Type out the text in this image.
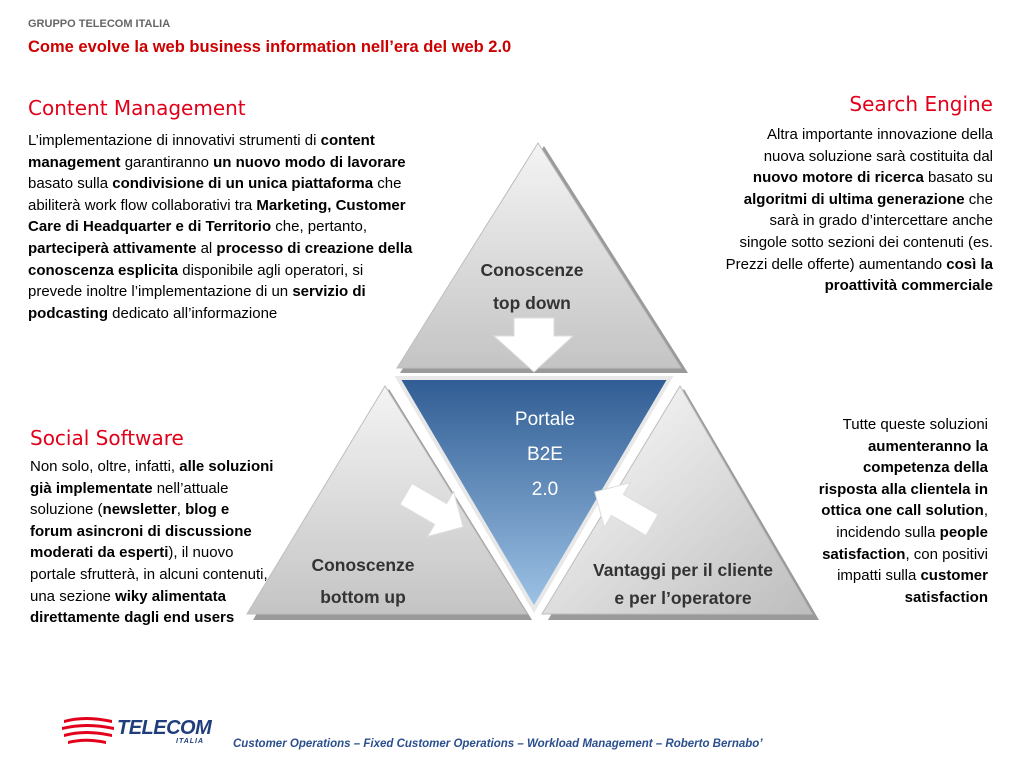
GRUPPO TELECOM ITALIA
Come evolve la web business information nell’era del web 2.0
Content Management
L’implementazione di innovativi strumenti di content management garantiranno un nuovo modo di lavorare basato sulla condivisione di un unica piattaforma che abiliterà work flow collaborativi tra Marketing, Customer Care di Headquarter e di Territorio che, pertanto, parteciperà attivamente al processo di creazione della conoscenza esplicita disponibile agli operatori, si prevede inoltre l’implementazione di un servizio di podcasting dedicato all’informazione
Search Engine
Altra importante innovazione della nuova soluzione sarà costituita dal nuovo motore di ricerca basato su algoritmi di ultima generazione che sarà in grado d’intercettare anche singole sotto sezioni dei contenuti (es. Prezzi delle offerte) aumentando così la proattività commerciale
Social Software
Non solo, oltre, infatti, alle soluzioni già implementate nell’attuale soluzione (newsletter, blog e forum asincroni di discussione moderati da esperti), il nuovo portale sfrutterà, in alcuni contenuti, una sezione wiky alimentata direttamente dagli end users
Tutte queste soluzioni aumenteranno la competenza della risposta alla clientela in ottica one call solution, incidendo sulla people satisfaction, con positivi impatti sulla customer satisfaction
Conoscenze
top down
Conoscenze
bottom up
Vantaggi per il cliente
e per l’operatore
Portale
B2E
2.0
TELECOM
ITALIA	Customer Operations – Fixed Customer Operations – Workload Management – Roberto Bernabo’
